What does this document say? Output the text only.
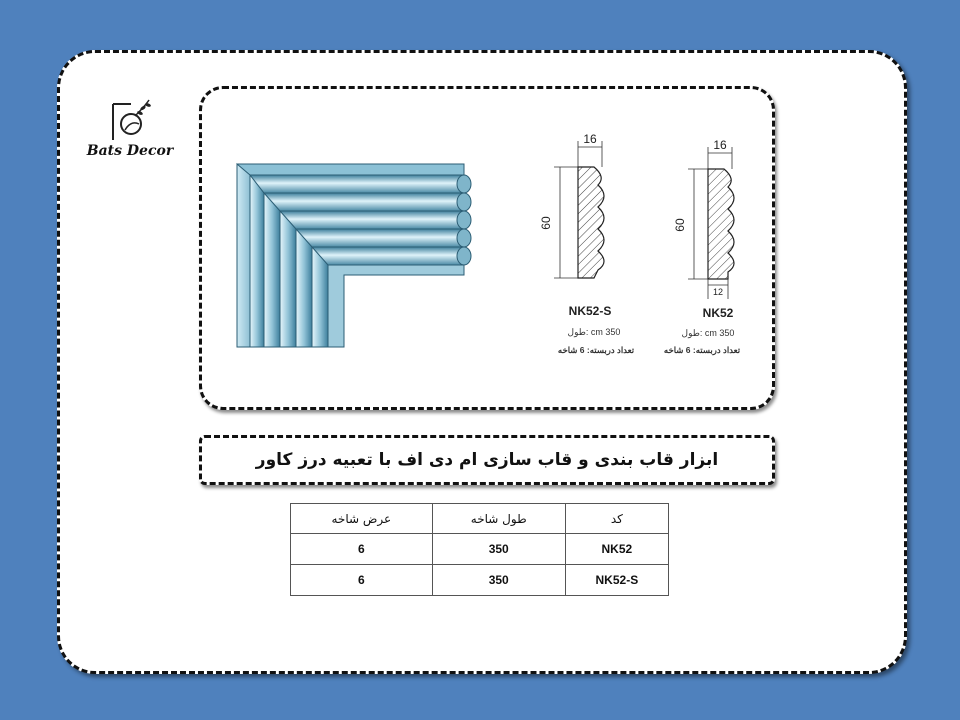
Bats Decor
16
60
NK52-S
350 cm :طول
تعداد دربسته: 6 شاخه
16
60
12
NK52
350 cm :طول
تعداد دربسته: 6 شاخه
ابزار قاب بندی و قاب سازی ام دی اف با تعبیه درز کاور
کد	طول شاخه	عرض شاخه
NK52	350	6
NK52-S	350	6
